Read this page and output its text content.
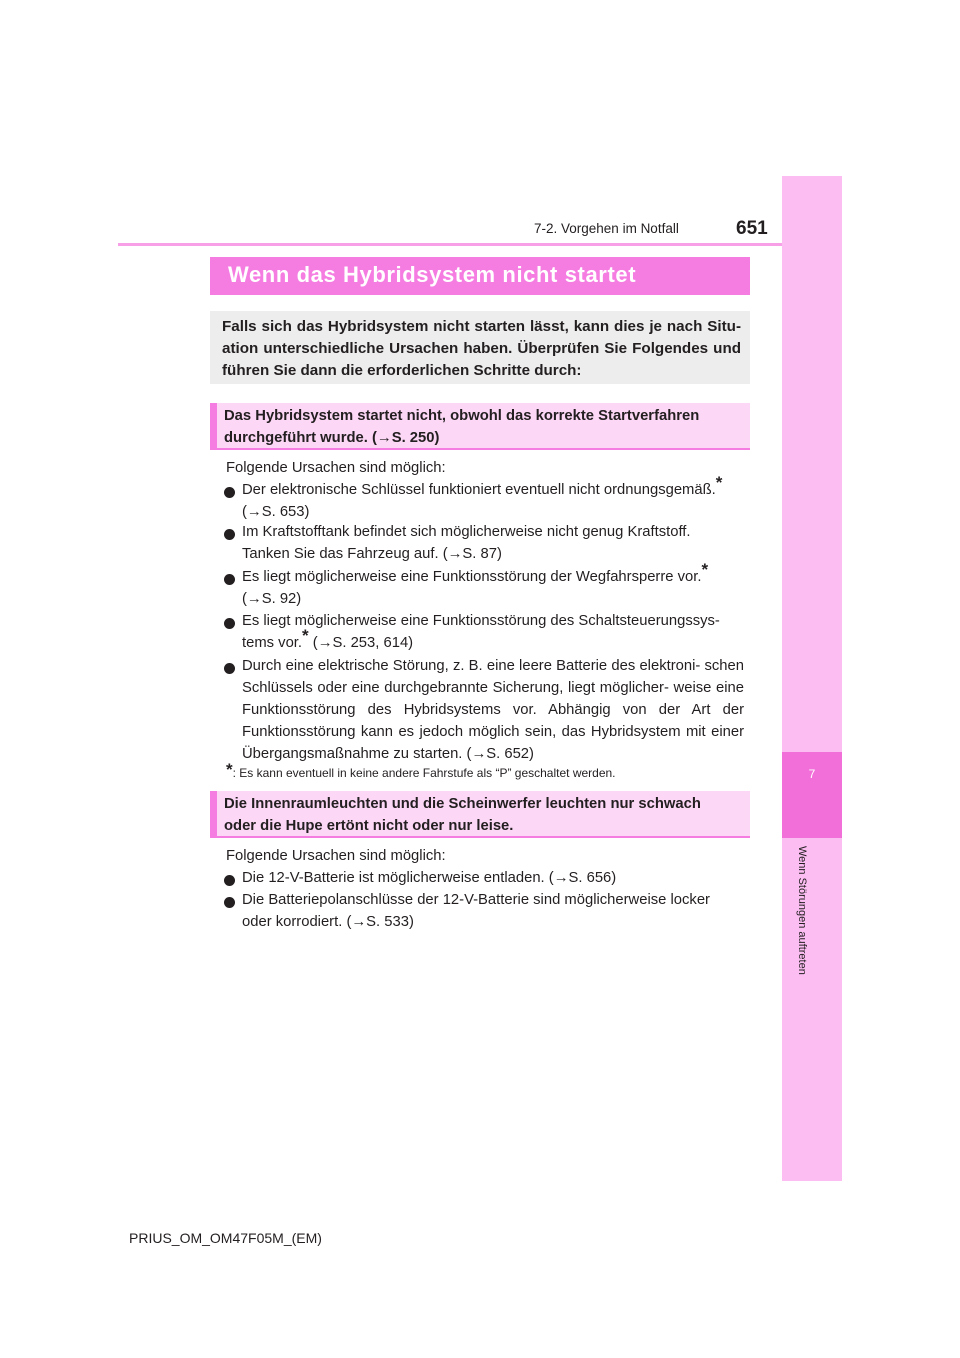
651
7-2. Vorgehen im Notfall
7
Wenn Störungen auftreten
Wenn das Hybridsystem nicht startet

Falls sich das Hybridsystem nicht starten lässt, kann dies je nach Situ- ation unterschiedliche Ursachen haben. Überprüfen Sie Folgendes und führen Sie dann die erforderlichen Schritte durch:

Das Hybridsystem startet nicht, obwohl das korrekte Startverfahren
durchgeführt wurde. (→S. 250)

Folgende Ursachen sind möglich:
Der elektronische Schlüssel funktioniert eventuell nicht ordnungsgemäß.*
(→S. 653)
Im Kraftstofftank befindet sich möglicherweise nicht genug Kraftstoff.
Tanken Sie das Fahrzeug auf. (→S. 87)
Es liegt möglicherweise eine Funktionsstörung der Wegfahrsperre vor.*
(→S. 92)
Es liegt möglicherweise eine Funktionsstörung des Schaltsteuerungssys-
tems vor.* (→S. 253, 614)
Durch eine elektrische Störung, z. B. eine leere Batterie des elektroni- schen Schlüssels oder eine durchgebrannte Sicherung, liegt möglicher- weise eine Funktionsstörung des Hybridsystems vor. Abhängig von der Art der Funktionsstörung kann es jedoch möglich sein, das Hybridsystem mit einer Übergangsmaßnahme zu starten. (→S. 652)
*: Es kann eventuell in keine andere Fahrstufe als “P” geschaltet werden.

Die Innenraumleuchten und die Scheinwerfer leuchten nur schwach
oder die Hupe ertönt nicht oder nur leise.

Folgende Ursachen sind möglich:
Die 12-V-Batterie ist möglicherweise entladen. (→S. 656)
Die Batteriepolanschlüsse der 12-V-Batterie sind möglicherweise locker
oder korrodiert. (→S. 533)
PRIUS_OM_OM47F05M_(EM)
